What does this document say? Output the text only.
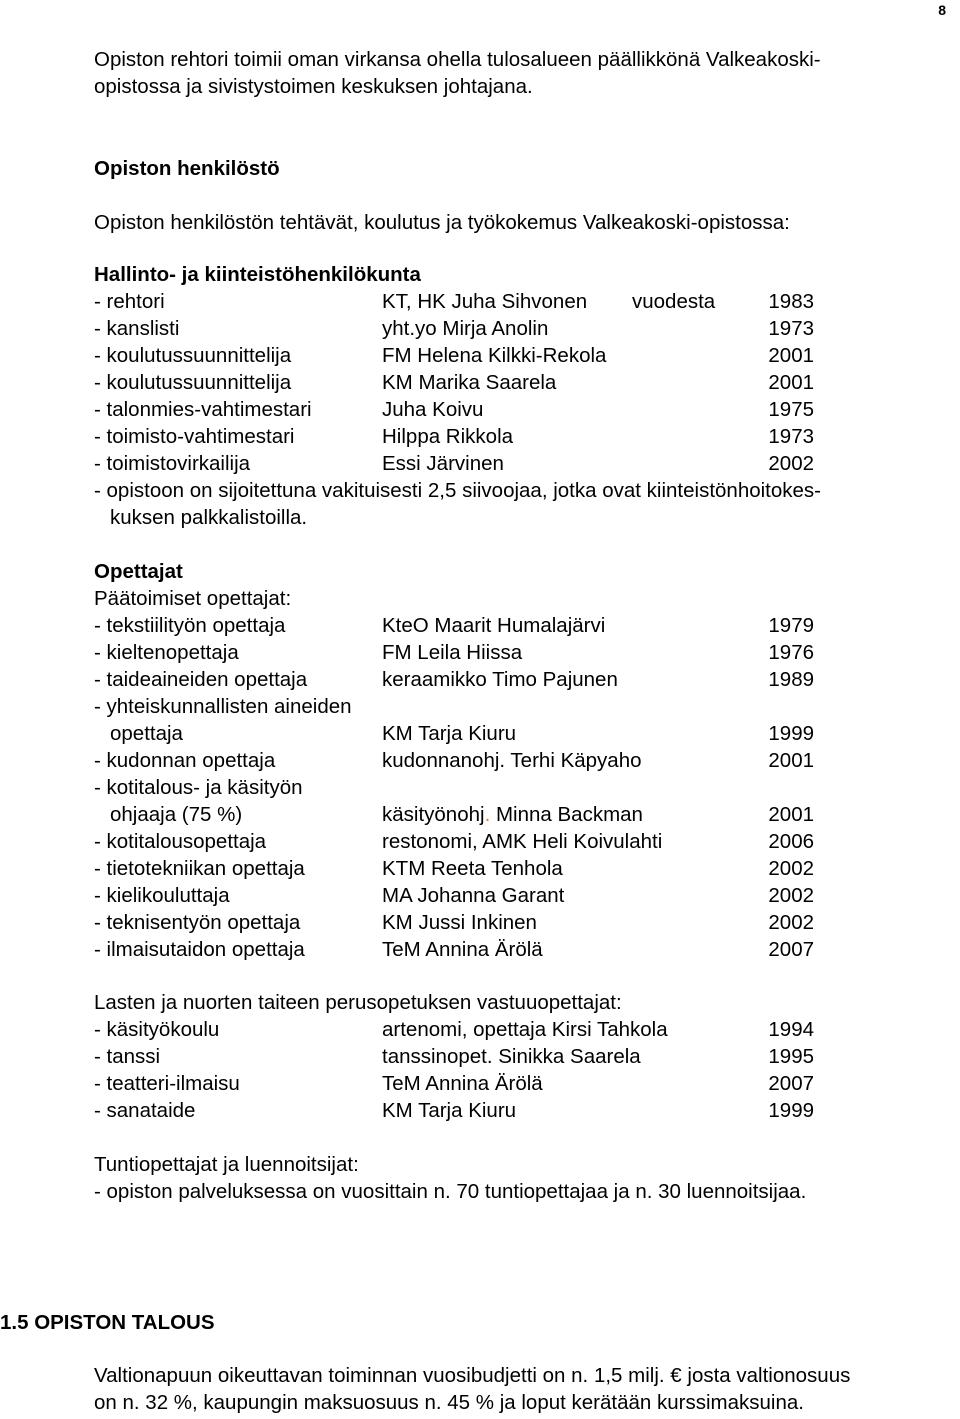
8
Opiston rehtori toimii oman virkansa ohella tulosalueen päällikkönä Valkeakoski-
opistossa ja sivistystoimen keskuksen johtajana.
Opiston henkilöstö
Opiston henkilöstön tehtävät, koulutus ja työkokemus Valkeakoski-opistossa:
Hallinto- ja kiinteistöhenkilökunta
- rehtori	KT, HK Juha Sihvonen vuodesta	1983
- kanslisti	yht.yo Mirja Anolin	1973
- koulutussuunnittelija	FM Helena Kilkki-Rekola	2001
- koulutussuunnittelija	KM Marika Saarela	2001
- talonmies-vahtimestari	Juha Koivu	1975
- toimisto-vahtimestari	Hilppa Rikkola	1973
- toimistovirkailija	Essi Järvinen	2002
- opistoon on sijoitettuna vakituisesti 2,5 siivoojaa, jotka ovat kiinteistönhoitokes-
kuksen palkkalistoilla.
Opettajat
Päätoimiset opettajat:
- tekstiilityön opettaja	KteO Maarit Humalajärvi	1979
- kieltenopettaja	FM Leila Hiissa	1976
- taideaineiden opettaja	keraamikko Timo Pajunen	1989
- yhteiskunnallisten aineiden
opettaja	KM Tarja Kiuru	1999
- kudonnan opettaja	kudonnanohj. Terhi Käpyaho	2001
- kotitalous- ja käsityön
ohjaaja (75 %)	käsityönohj. Minna Backman	2001
- kotitalousopettaja	restonomi, AMK Heli Koivulahti	2006
- tietotekniikan opettaja	KTM Reeta Tenhola	2002
- kielikouluttaja	MA Johanna Garant	2002
- teknisentyön opettaja	KM Jussi Inkinen	2002
- ilmaisutaidon opettaja	TeM Annina Ärölä	2007
Lasten ja nuorten taiteen perusopetuksen vastuuopettajat:
- käsityökoulu	artenomi, opettaja Kirsi Tahkola	1994
- tanssi	tanssinopet. Sinikka Saarela	1995
- teatteri-ilmaisu	TeM Annina Ärölä	2007
- sanataide	KM Tarja Kiuru	1999
Tuntiopettajat ja luennoitsijat:
- opiston palveluksessa on vuosittain n. 70 tuntiopettajaa ja n. 30 luennoitsijaa.
1.5 OPISTON TALOUS
Valtionapuun oikeuttavan toiminnan vuosibudjetti on n. 1,5 milj. € josta valtionosuus
on n. 32 %, kaupungin maksuosuus n. 45 % ja loput kerätään kurssimaksuina.
